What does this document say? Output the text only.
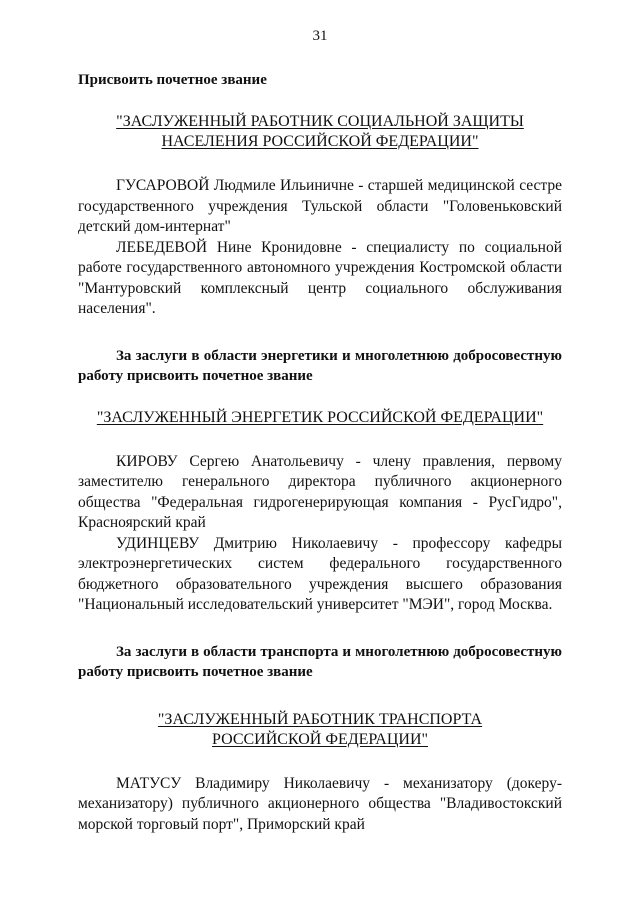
31
Присвоить почетное звание
"ЗАСЛУЖЕННЫЙ РАБОТНИК СОЦИАЛЬНОЙ ЗАЩИТЫ
НАСЕЛЕНИЯ РОССИЙСКОЙ ФЕДЕРАЦИИ"
ГУСАРОВОЙ Людмиле Ильиничне - старшей медицинской сестре государственного учреждения Тульской области "Головеньковский детский дом-интернат"
ЛЕБЕДЕВОЙ Нине Кронидовне - специалисту по социальной работе государственного автономного учреждения Костромской области "Мантуровский комплексный центр социального обслуживания населения".
За заслуги в области энергетики и многолетнюю добросовестную работу присвоить почетное звание
"ЗАСЛУЖЕННЫЙ ЭНЕРГЕТИК РОССИЙСКОЙ ФЕДЕРАЦИИ"
КИРОВУ Сергею Анатольевичу - члену правления, первому заместителю генерального директора публичного акционерного общества "Федеральная гидрогенерирующая компания - РусГидро", Красноярский край
УДИНЦЕВУ Дмитрию Николаевичу - профессору кафедры электроэнергетических систем федерального государственного бюджетного образовательного учреждения высшего образования "Национальный исследовательский университет "МЭИ", город Москва.
За заслуги в области транспорта и многолетнюю добросовестную работу присвоить почетное звание
"ЗАСЛУЖЕННЫЙ РАБОТНИК ТРАНСПОРТА
РОССИЙСКОЙ ФЕДЕРАЦИИ"
МАТУСУ Владимиру Николаевичу - механизатору (докеру-механизатору) публичного акционерного общества "Владивостокский морской торговый порт", Приморский край
